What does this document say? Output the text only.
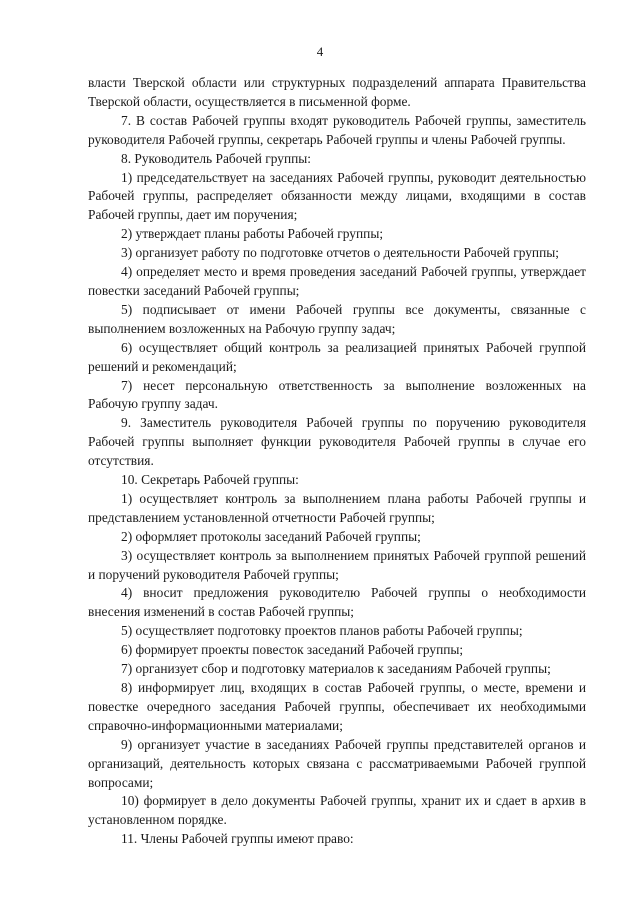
4

власти Тверской области или структурных подразделений аппарата Правительства Тверской области, осуществляется в письменной форме.

7. В состав Рабочей группы входят руководитель Рабочей группы, заместитель руководителя Рабочей группы, секретарь Рабочей группы и члены Рабочей группы.

8. Руководитель Рабочей группы:

1) председательствует на заседаниях Рабочей группы, руководит деятельностью Рабочей группы, распределяет обязанности между лицами, входящими в состав Рабочей группы, дает им поручения;

2) утверждает планы работы Рабочей группы;

3) организует работу по подготовке отчетов о деятельности Рабочей группы;

4) определяет место и время проведения заседаний Рабочей группы, утверждает повестки заседаний Рабочей группы;

5) подписывает от имени Рабочей группы все документы, связанные с выполнением возложенных на Рабочую группу задач;

6) осуществляет общий контроль за реализацией принятых Рабочей группой решений и рекомендаций;

7) несет персональную ответственность за выполнение возложенных на Рабочую группу задач.

9. Заместитель руководителя Рабочей группы по поручению руководителя Рабочей группы выполняет функции руководителя Рабочей группы в случае его отсутствия.

10. Секретарь Рабочей группы:

1) осуществляет контроль за выполнением плана работы Рабочей группы и представлением установленной отчетности Рабочей группы;

2) оформляет протоколы заседаний Рабочей группы;

3) осуществляет контроль за выполнением принятых Рабочей группой решений и поручений руководителя Рабочей группы;

4) вносит предложения руководителю Рабочей группы о необходимости внесения изменений в состав Рабочей группы;

5) осуществляет подготовку проектов планов работы Рабочей группы;

6) формирует проекты повесток заседаний Рабочей группы;

7) организует сбор и подготовку материалов к заседаниям Рабочей группы;

8) информирует лиц, входящих в состав Рабочей группы, о месте, времени и повестке очередного заседания Рабочей группы, обеспечивает их необходимыми справочно-информационными материалами;

9) организует участие в заседаниях Рабочей группы представителей органов и организаций, деятельность которых связана с рассматриваемыми Рабочей группой вопросами;

10) формирует в дело документы Рабочей группы, хранит их и сдает в архив в установленном порядке.

11. Члены Рабочей группы имеют право:
